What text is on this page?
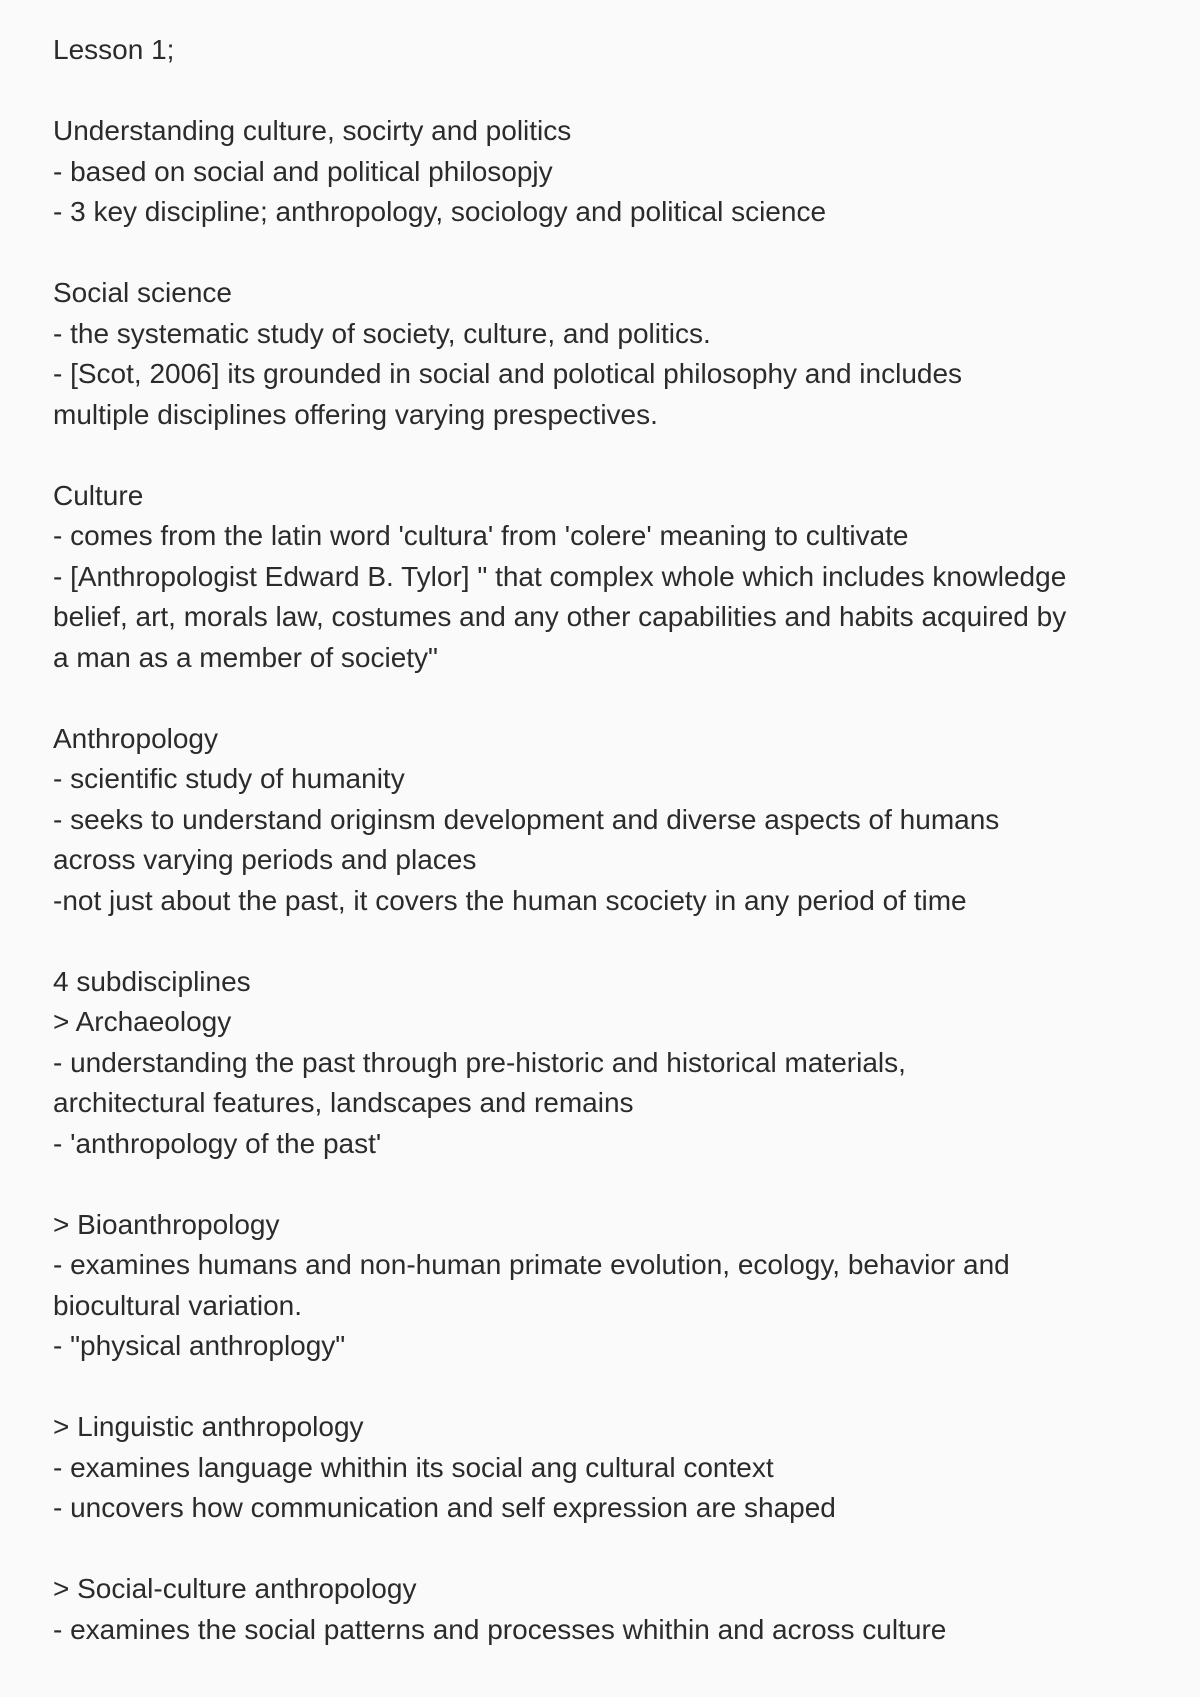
Lesson 1;
Understanding culture, socirty and politics
- based on social and political philosopjy
- 3 key discipline; anthropology, sociology and political science
Social science
- the systematic study of society, culture, and politics.
- [Scot, 2006] its grounded in social and polotical philosophy and includes
multiple disciplines offering varying prespectives.
Culture
- comes from the latin word 'cultura' from 'colere' meaning to cultivate
- [Anthropologist Edward B. Tylor] " that complex whole which includes knowledge
belief, art, morals law, costumes and any other capabilities and habits acquired by
a man as a member of society"
Anthropology
- scientific study of humanity
- seeks to understand originsm development and diverse aspects of humans
across varying periods and places
-not just about the past, it covers the human scociety in any period of time
4 subdisciplines
> Archaeology
- understanding the past through pre-historic and historical materials,
architectural features, landscapes and remains
- 'anthropology of the past'
> Bioanthropology
- examines humans and non-human primate evolution, ecology, behavior and
biocultural variation.
- "physical anthroplogy"
> Linguistic anthropology
- examines language whithin its social ang cultural context
- uncovers how communication and self expression are shaped
> Social-culture anthropology
- examines the social patterns and processes whithin and across culture
